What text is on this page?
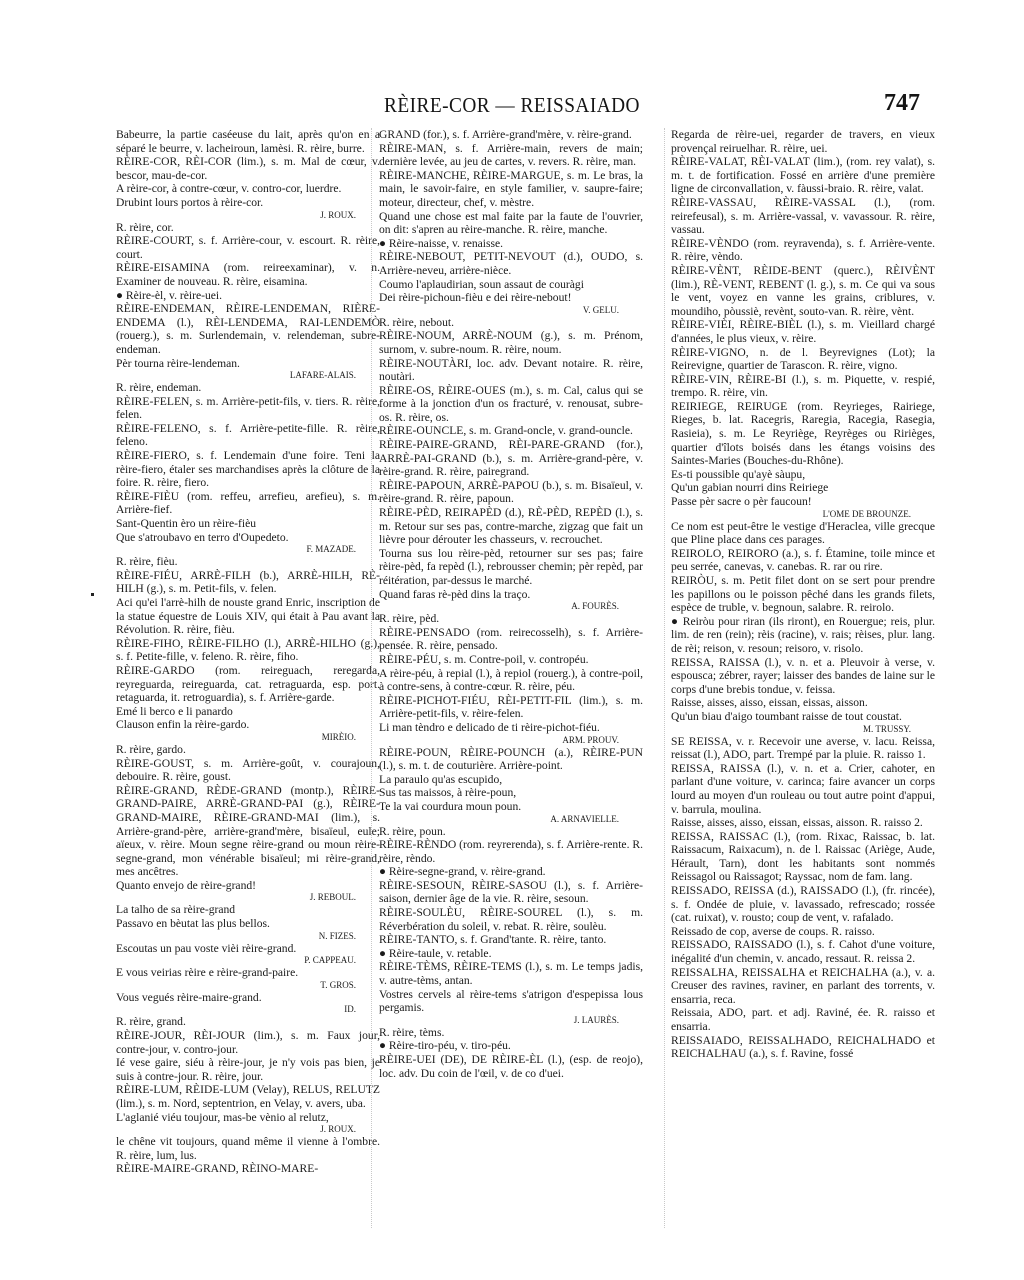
RÈIRE-COR — REISSAIADO	747

Babeurre, la partie caséeuse du lait, après qu'on en a séparé le beurre, v. lacheiroun, lamèsi. R. rèire, burre.

RÈIRE-COR, RÈI-COR (lim.), s. m. Mal de cœur, v. bescor, mau-de-cor.

A rèire-cor, à contre-cœur, v. contro-cor, luerdre.

Drubint lours portos à rèire-cor.

J. ROUX.

R. rèire, cor.

RÈIRE-COURT, s. f. Arrière-cour, v. escourt. R. rèire, court.

RÈIRE-EISAMINA (rom. reireexaminar), v. n. Examiner de nouveau. R. rèire, eisamina.

● Rèire-èl, v. rèire-uei.

RÈIRE-ENDEMAN, RÈIRE-LENDEMAN, RIÈRE-ENDEMA (l.), RÈI-LENDEMA, RAI-LENDEMÒ (rouerg.), s. m. Surlendemain, v. relendeman, subre-endeman.

Pèr tourna rèire-lendeman.

LAFARE-ALAIS.

R. rèire, endeman.

RÈIRE-FELEN, s. m. Arrière-petit-fils, v. tiers. R. rèire, felen.

RÈIRE-FELENO, s. f. Arrière-petite-fille. R. rèire, feleno.

RÈIRE-FIERO, s. f. Lendemain d'une foire. Teni la rèire-fiero, étaler ses marchandises après la clôture de la foire. R. rèire, fiero.

RÈIRE-FIÈU (rom. reffeu, arrefieu, arefieu), s. m. Arrière-fief.

Sant-Quentin èro un rèire-fièu

Que s'atroubavo en terro d'Oupedeto.

F. MAZADE.

R. rèire, fièu.

RÈIRE-FIÉU, ARRÈ-FILH (b.), ARRÈ-HILH, RÈ-HILH (g.), s. m. Petit-fils, v. felen.

Aci qu'ei l'arrè-hilh de nouste grand Enric, inscription de la statue équestre de Louis XIV, qui était à Pau avant la Révolution. R. rèire, fièu.

RÈIRE-FIHO, RÈIRE-FILHO (l.), ARRÈ-HILHO (g.), s. f. Petite-fille, v. feleno. R. rèire, fiho.

RÈIRE-GARDO (rom. reireguach, reregarda, reyreguarda, reireguarda, cat. retraguarda, esp. port. retaguarda, it. retroguardia), s. f. Arrière-garde.

Emé li berco e li panardo

Clauson enfin la rèire-gardo.

MIRÈIO.

R. rèire, gardo.

RÈIRE-GOUST, s. m. Arrière-goût, v. courajoun, debouire. R. rèire, goust.

RÈIRE-GRAND, RÈDE-GRAND (montp.), RÈIRE-GRAND-PAIRE, ARRÈ-GRAND-PAI (g.), RÈIRE-GRAND-MAIRE, RÈIRE-GRAND-MAI (lim.), s. Arrière-grand-père, arrière-grand'mère, bisaïeul, eule; aïeux, v. rèire. Moun segne rèire-grand ou moun rèire-segne-grand, mon vénérable bisaïeul; mi rèire-grand, mes ancêtres.

Quanto envejo de rèire-grand!

J. REBOUL.

La talho de sa rèire-grand

Passavo en bèutat las plus bellos.

N. FIZES.

Escoutas un pau voste vièi rèire-grand.

P. CAPPEAU.

E vous veirias rèire e rèire-grand-paire.

T. GROS.

Vous vegués rèire-maire-grand.

ID.

R. rèire, grand.

RÈIRE-JOUR, RÈI-JOUR (lim.), s. m. Faux jour, contre-jour, v. contro-jour.

Ié vese gaire, siéu à rèire-jour, je n'y vois pas bien, je suis à contre-jour. R. rèire, jour.

RÈIRE-LUM, RÈIDE-LUM (Velay), RELUS, RELUTZ (lim.), s. m. Nord, septentrion, en Velay, v. avers, uba.

L'aglanié viéu toujour, mas-be vènio al relutz,

J. ROUX.

le chêne vit toujours, quand même il vienne à l'ombre. R. rèire, lum, lus.

RÈIRE-MAIRE-GRAND, RÈINO-MARE-

GRAND (for.), s. f. Arrière-grand'mère, v. rèire-grand.

RÈIRE-MAN, s. f. Arrière-main, revers de main; dernière levée, au jeu de cartes, v. revers. R. rèire, man.

RÈIRE-MANCHE, RÈIRE-MARGUE, s. m. Le bras, la main, le savoir-faire, en style familier, v. saupre-faire; moteur, directeur, chef, v. mèstre.

Quand une chose est mal faite par la faute de l'ouvrier, on dit: s'apren au rèire-manche. R. rèire, manche.

● Rèire-naisse, v. renaisse.

RÈIRE-NEBOUT, PETIT-NEVOUT (d.), OUDO, s. Arrière-neveu, arrière-nièce.

Coumo l'aplaudirian, soun assaut de couràgi

Dei rèire-pichoun-fièu e dei rèire-nebout!

V. GELU.

R. rèire, nebout.

RÈIRE-NOUM, ARRÈ-NOUM (g.), s. m. Prénom, surnom, v. subre-noum. R. rèire, noum.

RÈIRE-NOUTÀRI, loc. adv. Devant notaire. R. rèire, noutàri.

RÈIRE-OS, RÈIRE-OUES (m.), s. m. Cal, calus qui se forme à la jonction d'un os fracturé, v. renousat, subre-os. R. rèire, os.

RÈIRE-OUNCLE, s. m. Grand-oncle, v. grand-ouncle.

RÈIRE-PAIRE-GRAND, RÈI-PARE-GRAND (for.), ARRÈ-PAI-GRAND (b.), s. m. Arrière-grand-père, v. rèire-grand. R. rèire, pairegrand.

RÈIRE-PAPOUN, ARRÈ-PAPOU (b.), s. m. Bisaïeul, v. rèire-grand. R. rèire, papoun.

RÈIRE-PÈD, REIRAPÈD (d.), RÈ-PÈD, REPÈD (l.), s. m. Retour sur ses pas, contre-marche, zigzag que fait un lièvre pour dérouter les chasseurs, v. recrouchet.

Tourna sus lou rèire-pèd, retourner sur ses pas; faire rèire-pèd, fa repèd (l.), rebrousser chemin; pèr repèd, par réitération, par-dessus le marché.

Quand faras rè-pèd dins la traço.

A. FOURÈS.

R. rèire, pèd.

RÈIRE-PENSADO (rom. reirecosselh), s. f. Arrière-pensée. R. rèire, pensado.

RÈIRE-PÉU, s. m. Contre-poil, v. contropéu.

A rèire-péu, à repial (l.), à repiol (rouerg.), à contre-poil, à contre-sens, à contre-cœur. R. rèire, péu.

RÈIRE-PICHOT-FIÉU, RÈI-PETIT-FIL (lim.), s. m. Arrière-petit-fils, v. rèire-felen.

Li man tèndro e delicado de ti rèire-pichot-fiéu.

ARM. PROUV.

RÈIRE-POUN, RÈIRE-POUNCH (a.), RÈIRE-PUN (l.), s. m. t. de couturière. Arrière-point.

La paraulo qu'as escupido,

Sus tas maissos, à rèire-poun,

Te la vai courdura moun poun.

A. ARNAVIELLE.

R. rèire, poun.

RÈIRE-RÈNDO (rom. reyrerenda), s. f. Arrière-rente. R. rèire, rèndo.

● Rèire-segne-grand, v. rèire-grand.

RÈIRE-SESOUN, RÈIRE-SASOU (l.), s. f. Arrière-saison, dernier âge de la vie. R. rèire, sesoun.

RÈIRE-SOULÈU, RÈIRE-SOUREL (l.), s. m. Réverbération du soleil, v. rebat. R. rèire, soulèu.

RÈIRE-TANTO, s. f. Grand'tante. R. rèire, tanto.

● Rèire-taule, v. retable.

RÈIRE-TÈMS, RÈIRE-TEMS (l.), s. m. Le temps jadis, v. autre-tèms, antan.

Vostres cervels al rèire-tems s'atrigon d'espepissa lous pergamis.

J. LAURÈS.

R. rèire, tèms.

● Rèire-tiro-péu, v. tiro-péu.

RÈIRE-UEI (DE), DE RÈIRE-ÈL (l.), (esp. de reojo), loc. adv. Du coin de l'œil, v. de co d'uei.

Regarda de rèire-uei, regarder de travers, en vieux provençal reiruelhar. R. rèire, uei.

RÈIRE-VALAT, RÈI-VALAT (lim.), (rom. rey valat), s. m. t. de fortification. Fossé en arrière d'une première ligne de circonvallation, v. fàussi-braio. R. rèire, valat.

RÈIRE-VASSAU, RÈIRE-VASSAL (l.), (rom. reirefeusal), s. m. Arrière-vassal, v. vavassour. R. rèire, vassau.

RÈIRE-VÈNDO (rom. reyravenda), s. f. Arrière-vente. R. rèire, vèndo.

RÈIRE-VÈNT, RÈIDE-BENT (querc.), RÈIVÈNT (lim.), RÈ-VENT, REBENT (l. g.), s. m. Ce qui va sous le vent, voyez en vanne les grains, criblures, v. moundiho, pòussiè, revènt, souto-van. R. rèire, vènt.

RÈIRE-VIÈI, RÈIRE-BIÈL (l.), s. m. Vieillard chargé d'années, le plus vieux, v. rèire.

RÈIRE-VIGNO, n. de l. Beyrevignes (Lot); la Reirevigne, quartier de Tarascon. R. rèire, vigno.

RÈIRE-VIN, RÈIRE-BI (l.), s. m. Piquette, v. respié, trempo. R. rèire, vin.

REIRIEGE, REIRUGE (rom. Reyrieges, Rairiege, Rieges, b. lat. Racegris, Raregia, Racegia, Rasegia, Rasieia), s. m. Le Reyriège, Reyrèges ou Ririèges, quartier d'îlots boisés dans les étangs voisins des Saintes-Maries (Bouches-du-Rhône).

Es-ti poussible qu'ayè sàupu,

Qu'un gabian nourri dins Reiriege

Passe pèr sacre o pèr faucoun!

L'OME DE BROUNZE.

Ce nom est peut-être le vestige d'Heraclea, ville grecque que Pline place dans ces parages.

REIROLO, REIRORO (a.), s. f. Étamine, toile mince et peu serrée, canevas, v. canebas. R. rar ou rire.

REIRÒU, s. m. Petit filet dont on se sert pour prendre les papillons ou le poisson pêché dans les grands filets, espèce de truble, v. begnoun, salabre. R. reirolo.

● Reiròu pour riran (ils riront), en Rouergue; reis, plur. lim. de ren (rein); rèis (racine), v. rais; rèises, plur. lang. de rèi; reison, v. resoun; reisoro, v. risolo.

REISSA, RAISSA (l.), v. n. et a. Pleuvoir à verse, v. espousca; zébrer, rayer; laisser des bandes de laine sur le corps d'une brebis tondue, v. feissa.

Raisse, aisses, aisso, eissan, eissas, aisson.

Qu'un biau d'aigo toumbant raisse de tout coustat.

M. TRUSSY.

SE REISSA, v. r. Recevoir une averse, v. lacu. Reissa, reissat (l.), ADO, part. Trempé par la pluie. R. raisso 1.

REISSA, RAISSA (l.), v. n. et a. Crier, cahoter, en parlant d'une voiture, v. carinca; faire avancer un corps lourd au moyen d'un rouleau ou tout autre point d'appui, v. barrula, moulina.

Raisse, aisses, aisso, eissan, eissas, aisson. R. raisso 2.

REISSA, RAISSAC (l.), (rom. Rixac, Raissac, b. lat. Raissacum, Raixacum), n. de l. Raissac (Ariège, Aude, Hérault, Tarn), dont les habitants sont nommés Reissagol ou Raissagot; Rayssac, nom de fam. lang.

REISSADO, REISSA (d.), RAISSADO (l.), (fr. rincée), s. f. Ondée de pluie, v. lavassado, refrescado; rossée (cat. ruixat), v. rousto; coup de vent, v. rafalado.

Reissado de cop, averse de coups. R. raisso.

REISSADO, RAISSADO (l.), s. f. Cahot d'une voiture, inégalité d'un chemin, v. ancado, ressaut. R. reissa 2.

REISSALHA, REISSALHA et REICHALHA (a.), v. a. Creuser des ravines, raviner, en parlant des torrents, v. ensarria, reca.

Reissaia, ADO, part. et adj. Raviné, ée. R. raisso et ensarria.

REISSAIADO, REISSALHADO, REICHALHADO et REICHALHAU (a.), s. f. Ravine, fossé
